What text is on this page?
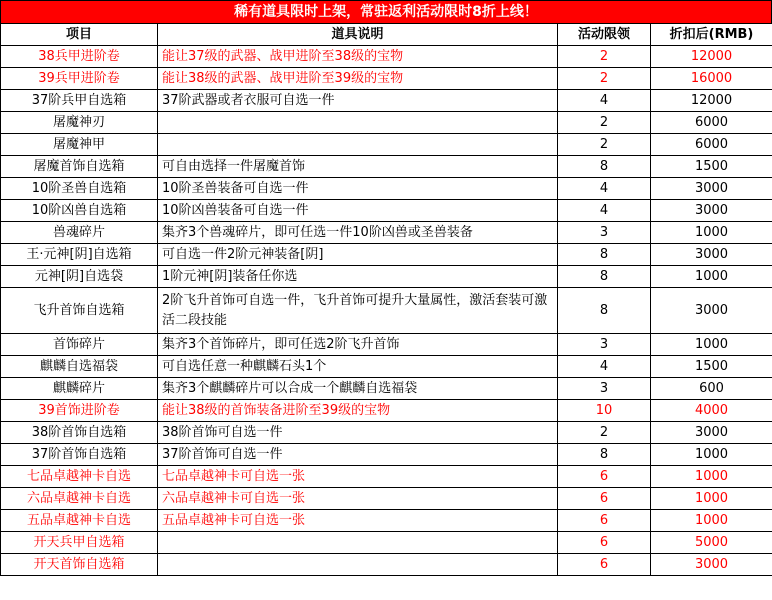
稀有道具限时上架，常驻返利活动限时8折上线！
项目	道具说明	活动限领	折扣后(RMB)
38兵甲进阶卷	能让37级的武器、战甲进阶至38级的宝物	2	12000
39兵甲进阶卷	能让38级的武器、战甲进阶至39级的宝物	2	16000
37阶兵甲自选箱	37阶武器或者衣服可自选一件	4	12000
屠魔神刃		2	6000
屠魔神甲		2	6000
屠魔首饰自选箱	可自由选择一件屠魔首饰	8	1500
10阶圣兽自选箱	10阶圣兽装备可自选一件	4	3000
10阶凶兽自选箱	10阶凶兽装备可自选一件	4	3000
兽魂碎片	集齐3个兽魂碎片，即可任选一件10阶凶兽或圣兽装备	3	1000
王·元神[阴]自选箱	可自选一件2阶元神装备[阴]	8	3000
元神[阴]自选袋	1阶元神[阴]装备任你选	8	1000
飞升首饰自选箱	2阶飞升首饰可自选一件，飞升首饰可提升大量属性，激活套装可激活二段技能	8	3000
首饰碎片	集齐3个首饰碎片，即可任选2阶飞升首饰	3	1000
麒麟自选福袋	可自选任意一种麒麟石头1个	4	1500
麒麟碎片	集齐3个麒麟碎片可以合成一个麒麟自选福袋	3	600
39首饰进阶卷	能让38级的首饰装备进阶至39级的宝物	10	4000
38阶首饰自选箱	38阶首饰可自选一件	2	3000
37阶首饰自选箱	37阶首饰可自选一件	8	1000
七品卓越神卡自选	七品卓越神卡可自选一张	6	1000
六品卓越神卡自选	六品卓越神卡可自选一张	6	1000
五品卓越神卡自选	五品卓越神卡可自选一张	6	1000
开天兵甲自选箱		6	5000
开天首饰自选箱		6	3000
